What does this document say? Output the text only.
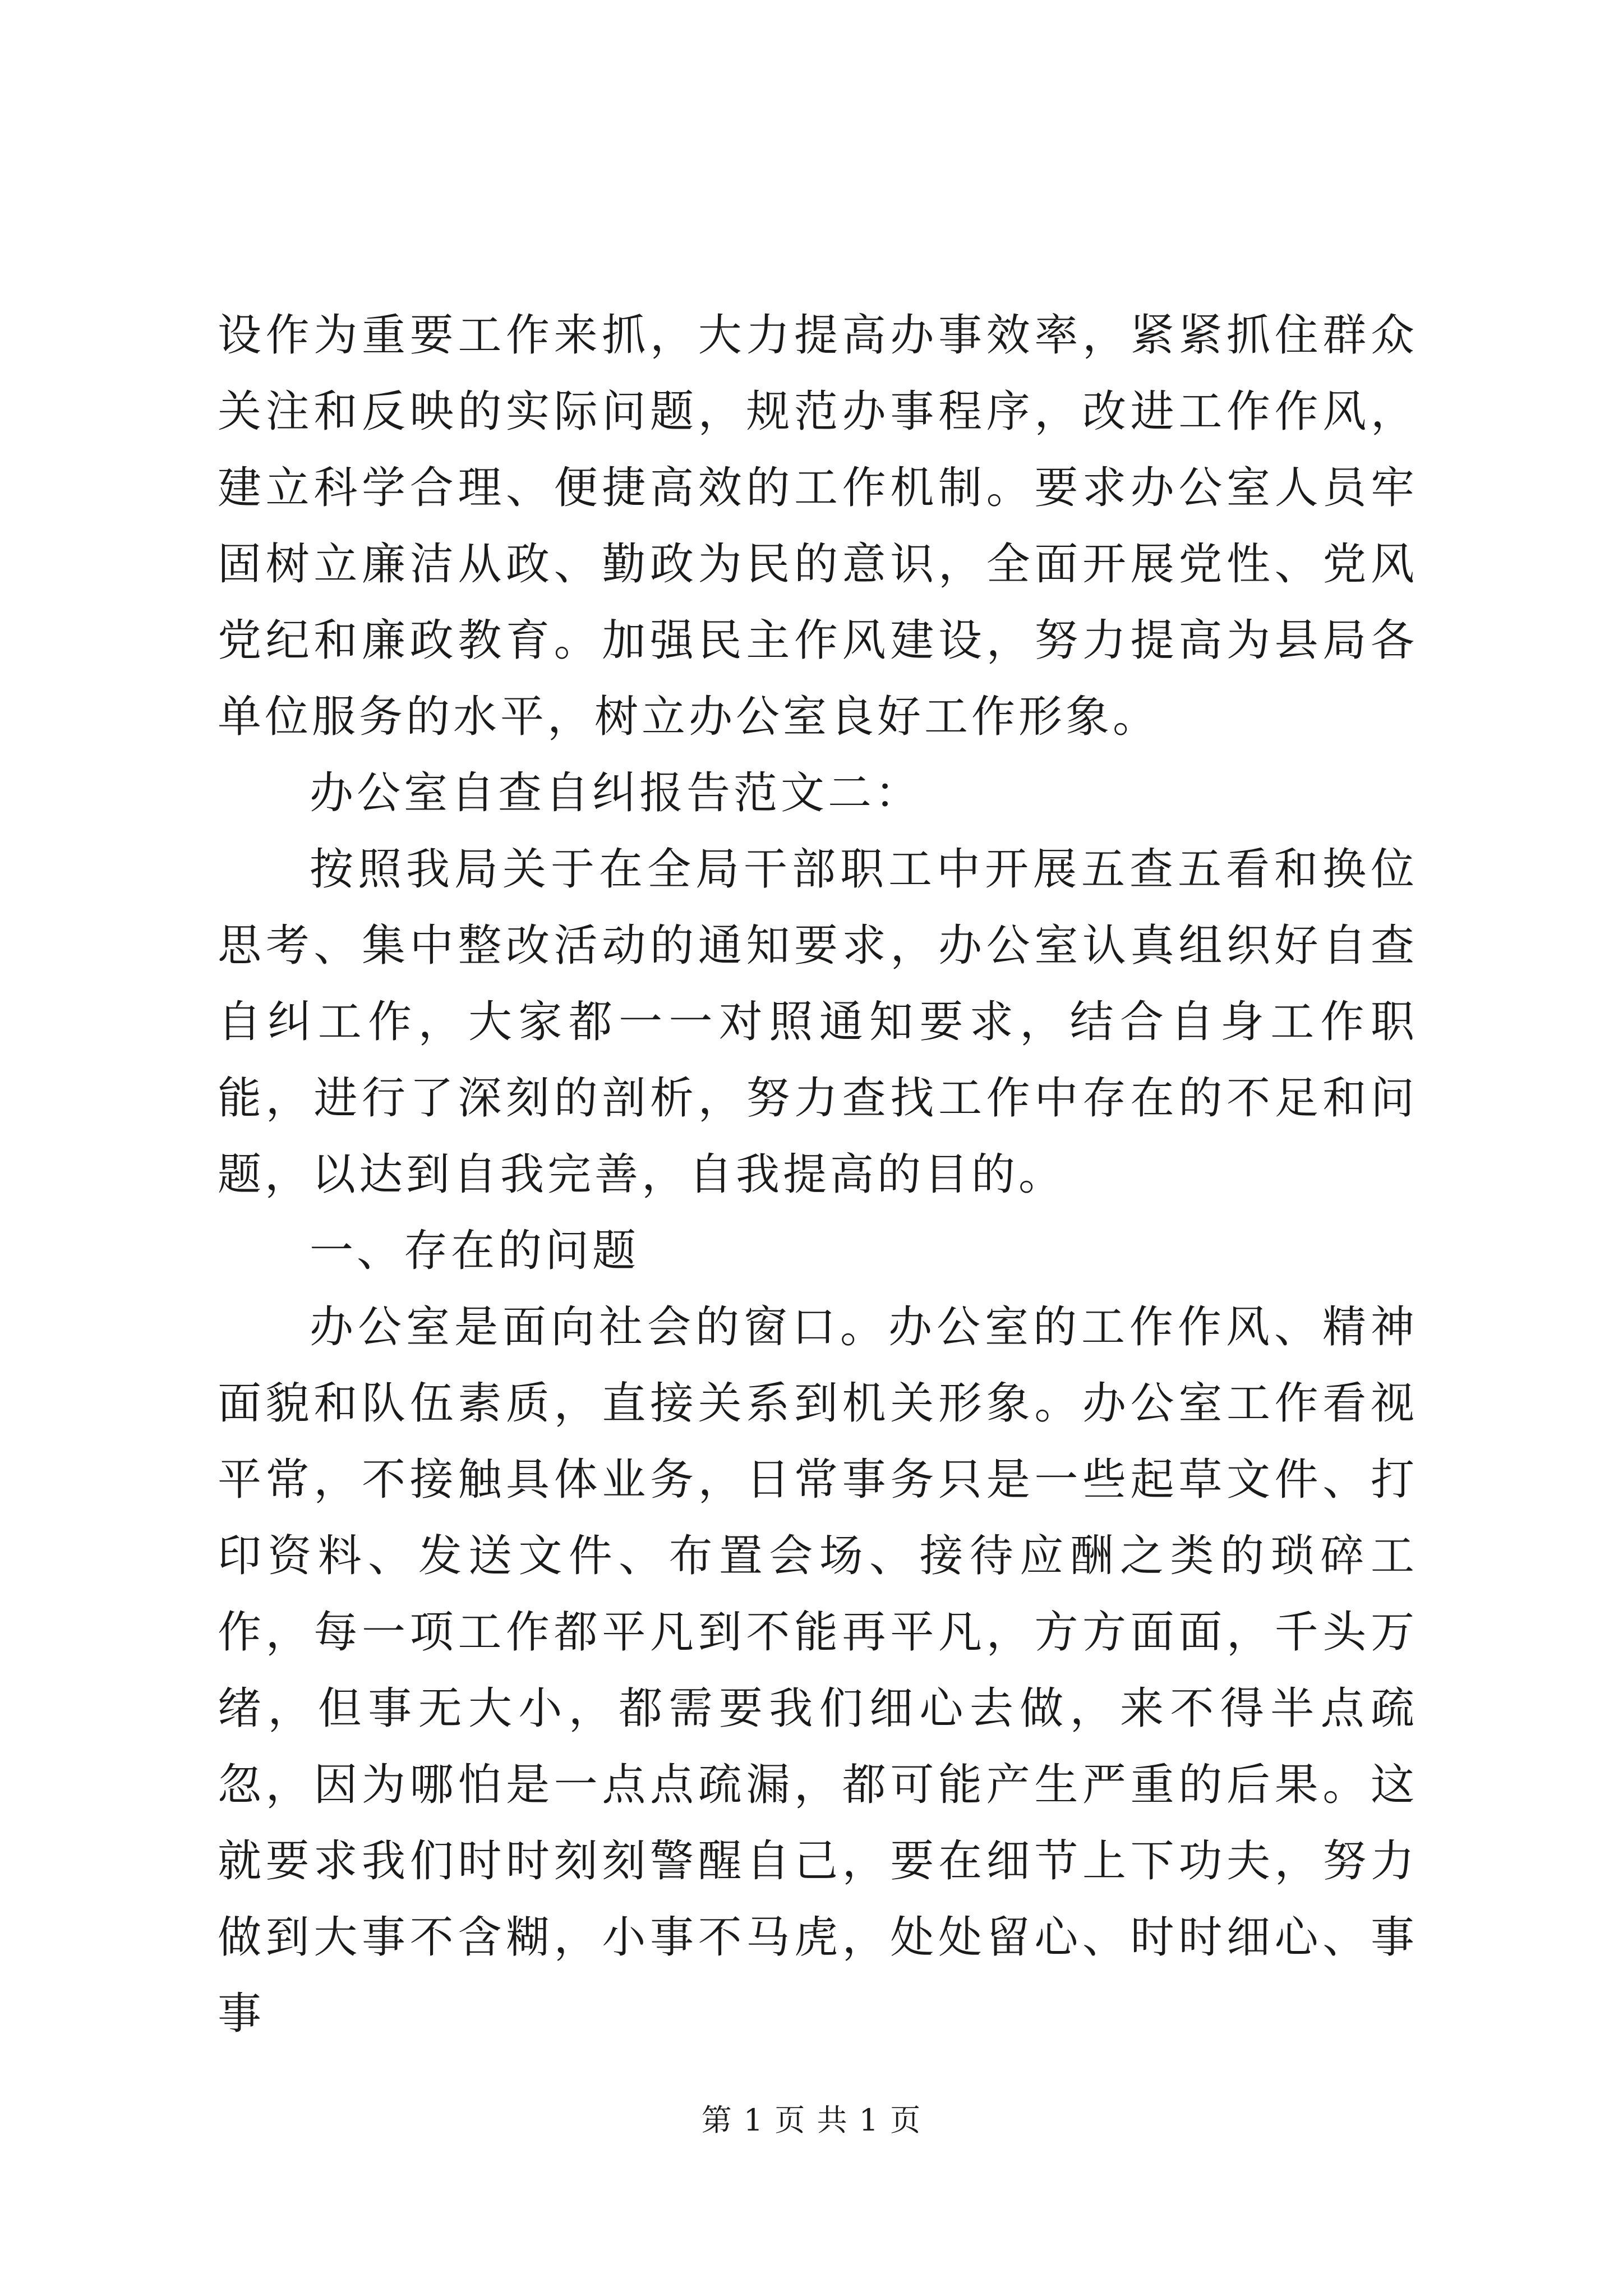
设作为重要工作来抓，大力提高办事效率，紧紧抓住群众关注和反映的实际问题，规范办事程序，改进工作作风，建立科学合理、便捷高效的工作机制。要求办公室人员牢固树立廉洁从政、勤政为民的意识，全面开展党性、党风党纪和廉政教育。加强民主作风建设，努力提高为县局各单位服务的水平，树立办公室良好工作形象。

办公室自查自纠报告范文二：

按照我局关于在全局干部职工中开展五查五看和换位思考、集中整改活动的通知要求，办公室认真组织好自查自纠工作，大家都一一对照通知要求，结合自身工作职能，进行了深刻的剖析，努力查找工作中存在的不足和问题，以达到自我完善，自我提高的目的。

一、存在的问题

办公室是面向社会的窗口。办公室的工作作风、精神面貌和队伍素质，直接关系到机关形象。办公室工作看视平常，不接触具体业务，日常事务只是一些起草文件、打印资料、发送文件、布置会场、接待应酬之类的琐碎工作，每一项工作都平凡到不能再平凡，方方面面，千头万绪，但事无大小，都需要我们细心去做，来不得半点疏忽，因为哪怕是一点点疏漏，都可能产生严重的后果。这就要求我们时时刻刻警醒自己，要在细节上下功夫，努力做到大事不含糊，小事不马虎，处处留心、时时细心、事事

第 1 页 共 1 页
